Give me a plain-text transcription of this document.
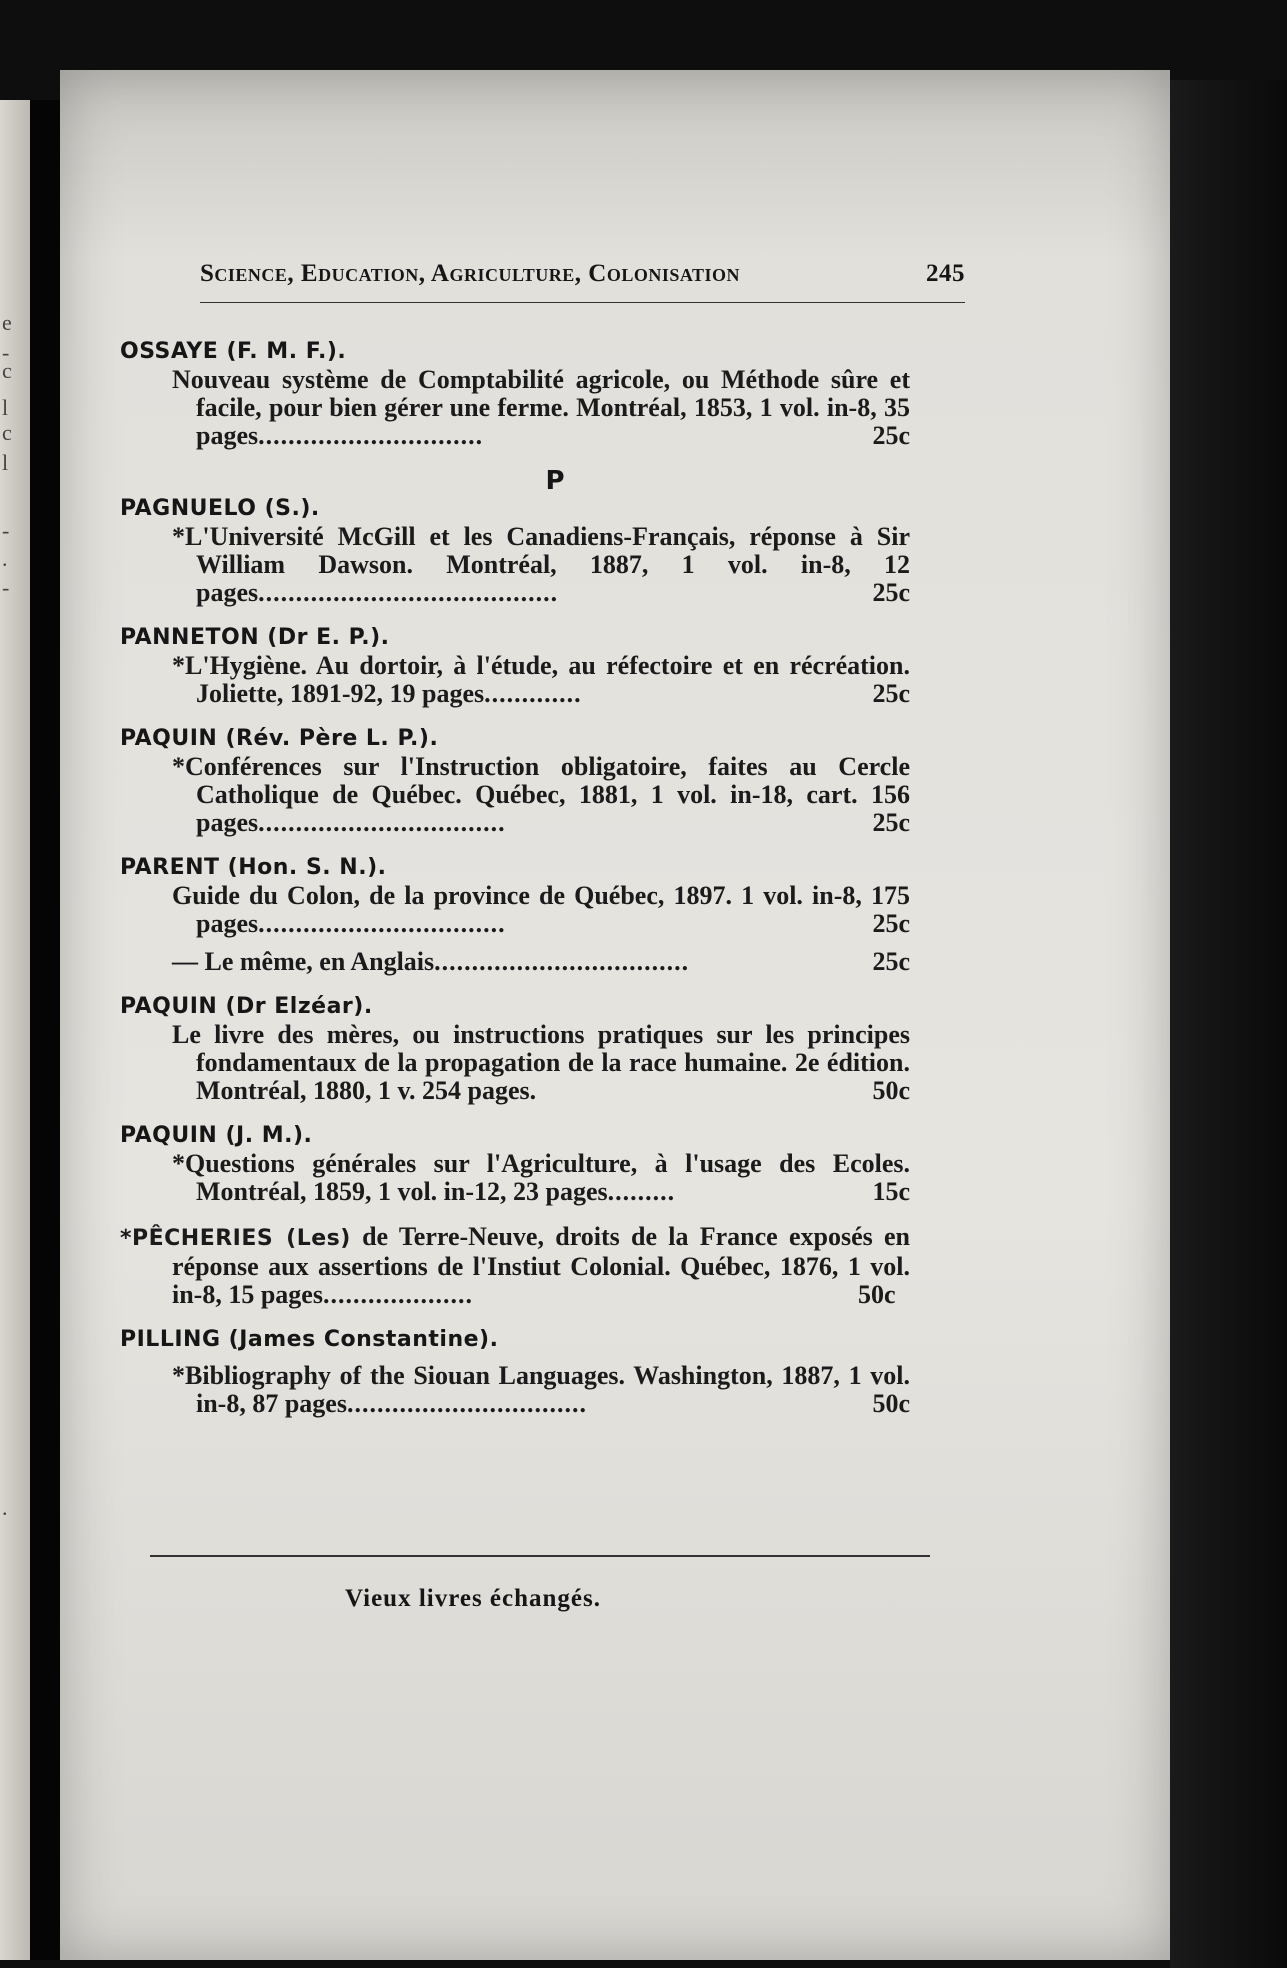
e
-
c
l
c
l
-
.
-
.
Science, Education, Agriculture, Colonisation	245
OSSAYE (F. M. F.).
Nouveau système de Comptabilité agricole, ou Méthode sûre et facile, pour bien gérer une ferme. Montréal, 1853, 1 vol. in-8, 35 pages..............................	25c
P
PAGNUELO (S.).
*L'Université McGill et les Canadiens-Français, réponse à Sir William Dawson. Montréal, 1887, 1 vol. in-8, 12 pages........................................	25c
PANNETON (Dr E. P.).
*L'Hygiène. Au dortoir, à l'étude, au réfectoire et en récréation. Joliette, 1891-92, 19 pages.............	25c
PAQUIN (Rév. Père L. P.).
*Conférences sur l'Instruction obligatoire, faites au Cercle Catholique de Québec. Québec, 1881, 1 vol. in-18, cart. 156 pages.................................	25c
PARENT (Hon. S. N.).
Guide du Colon, de la province de Québec, 1897. 1 vol. in-8, 175 pages.................................	25c
— Le même, en Anglais..................................	25c
PAQUIN (Dr Elzéar).
Le livre des mères, ou instructions pratiques sur les principes fondamentaux de la propagation de la race humaine. 2e édition. Montréal, 1880, 1 v. 254 pages.	50c
PAQUIN (J. M.).
*Questions générales sur l'Agriculture, à l'usage des Ecoles. Montréal, 1859, 1 vol. in-12, 23 pages.........	15c
*PÊCHERIES (Les) de Terre-Neuve, droits de la France exposés en réponse aux assertions de l'Instiut Colonial. Québec, 1876, 1 vol. in-8, 15 pages....................	50c
PILLING (James Constantine).
*Bibliography of the Siouan Languages. Washington, 1887, 1 vol. in-8, 87 pages................................	50c
Vieux livres échangés.
